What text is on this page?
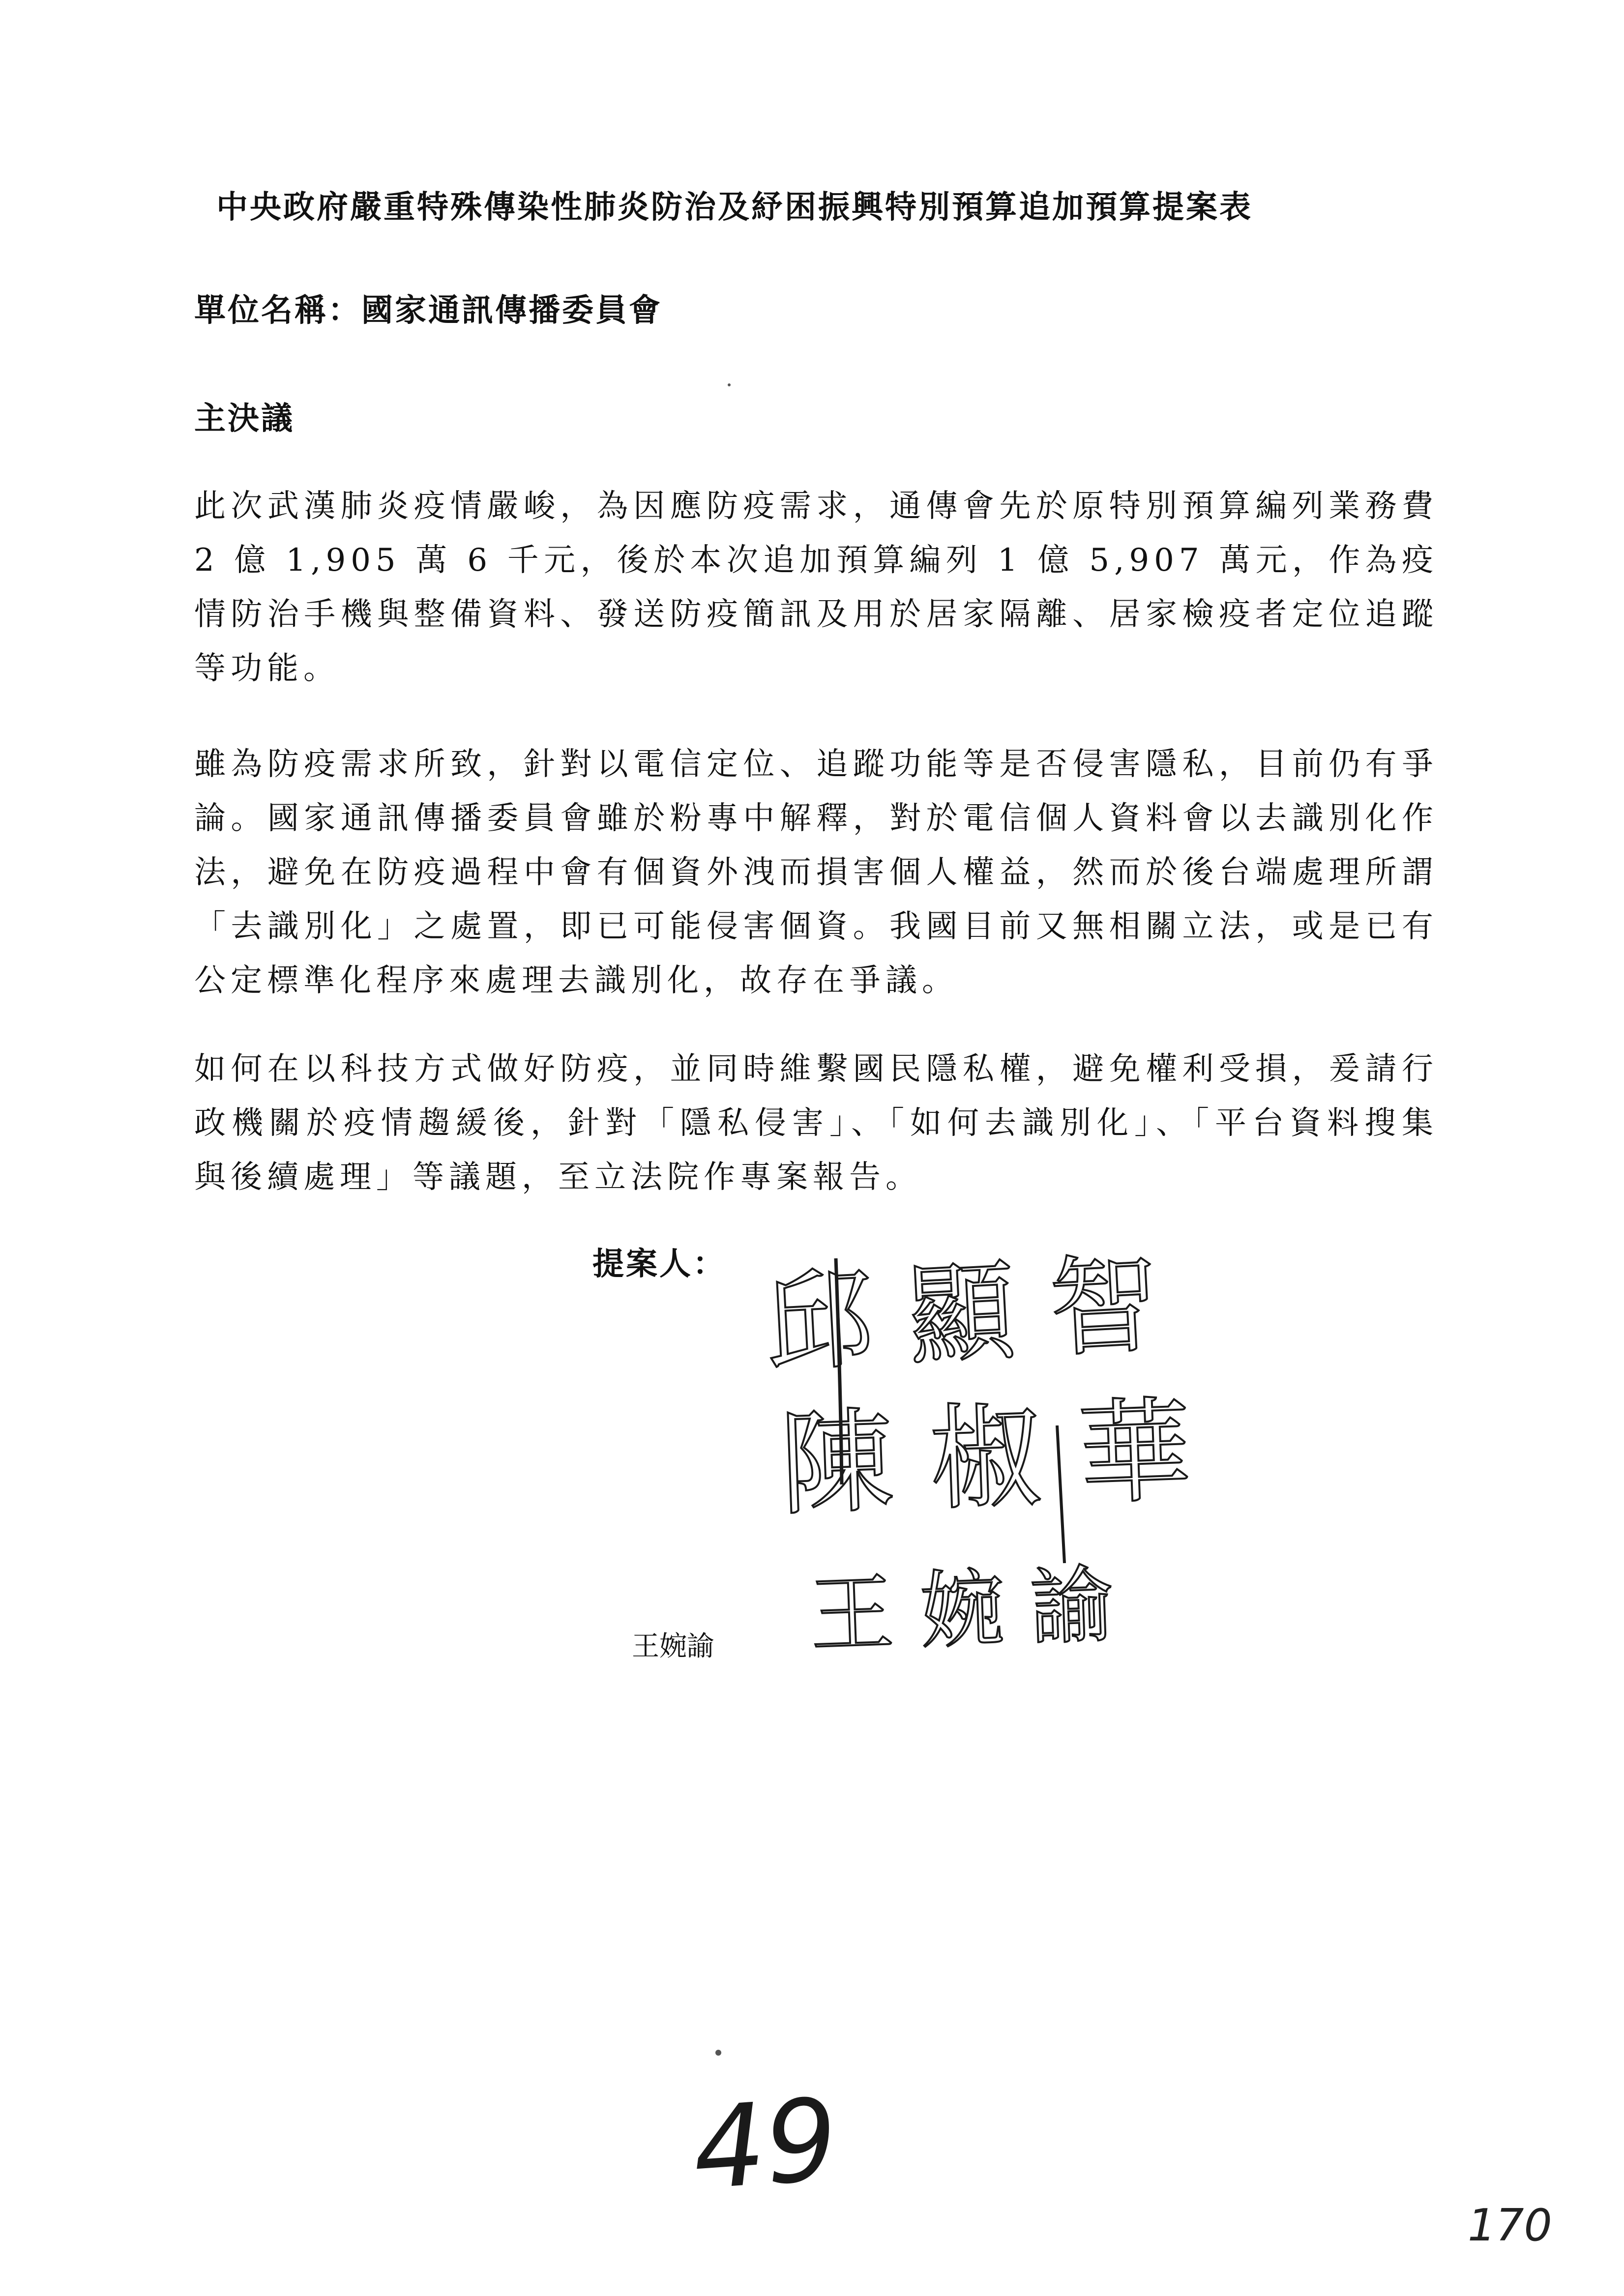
中央政府嚴重特殊傳染性肺炎防治及紓困振興特別預算追加預算提案表
單位名稱：國家通訊傳播委員會
主決議

此次武漢肺炎疫情嚴峻，為因應防疫需求，通傳會先於原特別預算編列業務費 2 億 1,905 萬 6 千元，後於本次追加預算編列 1 億 5,907 萬元，作為疫情防治手機與整備資料、發送防疫簡訊及用於居家隔離、居家檢疫者定位追蹤等功能。

雖為防疫需求所致，針對以電信定位、追蹤功能等是否侵害隱私，目前仍有爭論。國家通訊傳播委員會雖於粉專中解釋，對於電信個人資料會以去識別化作法，避免在防疫過程中會有個資外洩而損害個人權益，然而於後台端處理所謂「去識別化」之處置，即已可能侵害個資。我國目前又無相關立法，或是已有公定標準化程序來處理去識別化，故存在爭議。

如何在以科技方式做好防疫，並同時維繫國民隱私權，避免權利受損，爰請行政機關於疫情趨緩後，針對「隱私侵害」、「如何去識別化」、「平台資料搜集與後續處理」等議題，至立法院作專案報告。

提案人： 邱 顯 智
陳 椒 華
王 婉 諭
王婉諭
49
170
